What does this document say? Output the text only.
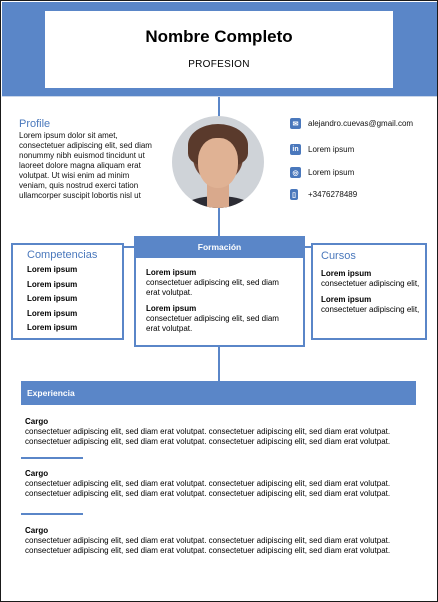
Nombre Completo
PROFESION
Profile
Lorem ipsum dolor sit amet,
consectetuer adipiscing elit, sed diam
nonummy nibh euismod tincidunt ut
laoreet dolore magna aliquam erat
volutpat. Ut wisi enim ad minim
veniam, quis nostrud exerci tation
ullamcorper suscipit lobortis nisl ut
✉	alejandro.cuevas@gmail.com
in Lorem ipsum
◎	Lorem ipsum
▯ +3476278489
Competencias
Lorem ipsum
Lorem ipsum
Lorem ipsum
Lorem ipsum
Lorem ipsum
Formación
Lorem ipsum
consectetuer adipiscing elit, sed diam
erat volutpat.
Lorem ipsum
consectetuer adipiscing elit, sed diam
erat volutpat.
Cursos
Lorem ipsum
consectetuer adipiscing elit,
Lorem ipsum
consectetuer adipiscing elit,
Experiencia
Cargo
consectetuer adipiscing elit, sed diam erat volutpat. consectetuer adipiscing elit, sed diam erat volutpat.
consectetuer adipiscing elit, sed diam erat volutpat. consectetuer adipiscing elit, sed diam erat volutpat.
Cargo
consectetuer adipiscing elit, sed diam erat volutpat. consectetuer adipiscing elit, sed diam erat volutpat.
consectetuer adipiscing elit, sed diam erat volutpat. consectetuer adipiscing elit, sed diam erat volutpat.
Cargo
consectetuer adipiscing elit, sed diam erat volutpat. consectetuer adipiscing elit, sed diam erat volutpat.
consectetuer adipiscing elit, sed diam erat volutpat. consectetuer adipiscing elit, sed diam erat volutpat.
